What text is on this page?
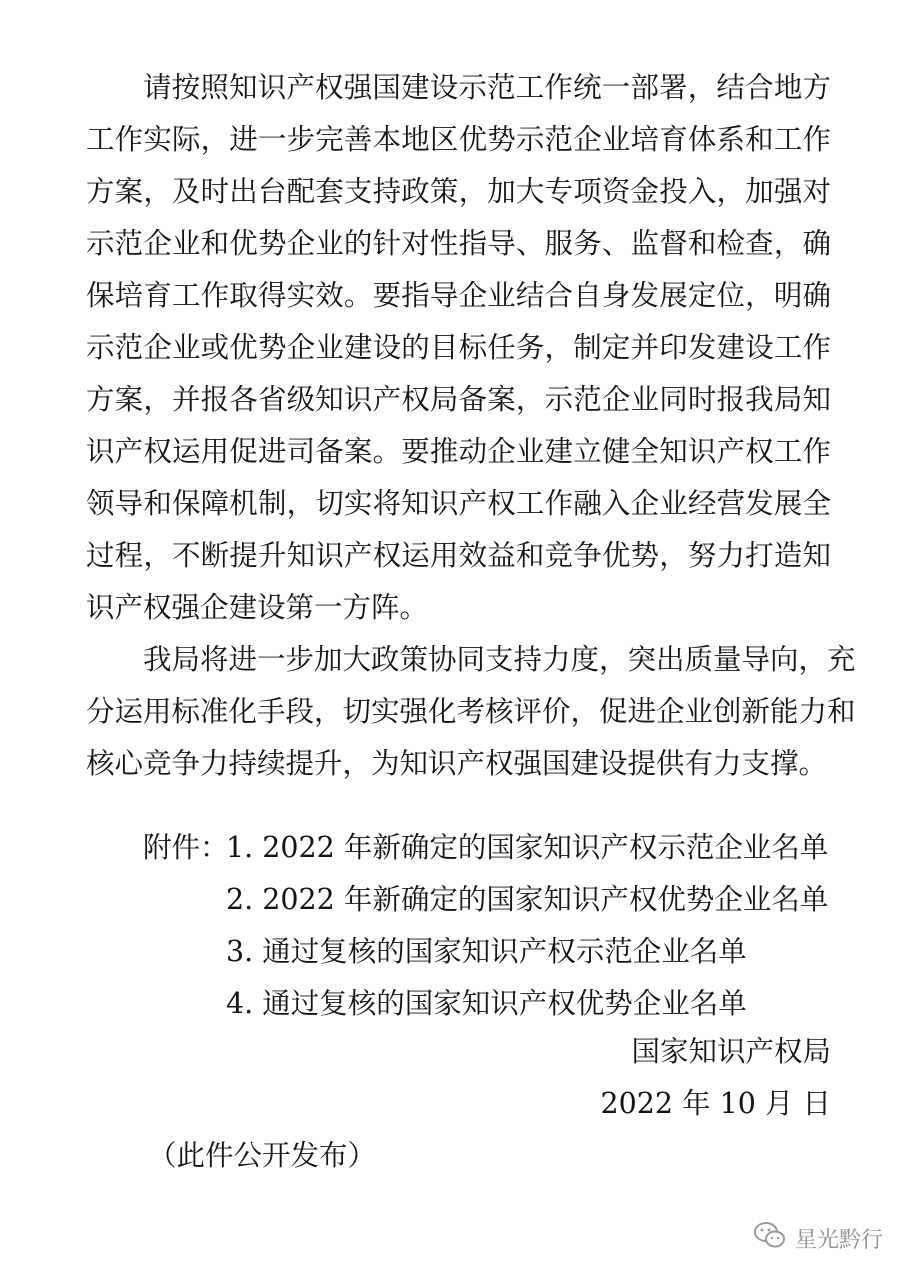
请按照知识产权强国建设示范工作统一部署，结合地方

工作实际，进一步完善本地区优势示范企业培育体系和工作

方案，及时出台配套支持政策，加大专项资金投入，加强对

示范企业和优势企业的针对性指导、服务、监督和检查，确

保培育工作取得实效。要指导企业结合自身发展定位，明确

示范企业或优势企业建设的目标任务，制定并印发建设工作

方案，并报各省级知识产权局备案，示范企业同时报我局知

识产权运用促进司备案。要推动企业建立健全知识产权工作

领导和保障机制，切实将知识产权工作融入企业经营发展全

过程，不断提升知识产权运用效益和竞争优势，努力打造知

识产权强企建设第一方阵。

我局将进一步加大政策协同支持力度，突出质量导向，充

分运用标准化手段，切实强化考核评价，促进企业创新能力和

核心竞争力持续提升，为知识产权强国建设提供有力支撑。

附件：
1. 2022 年新确定的国家知识产权示范企业名单
2. 2022 年新确定的国家知识产权优势企业名单
3. 通过复核的国家知识产权示范企业名单
4. 通过复核的国家知识产权优势企业名单
国家知识产权局
2022 年 10 月 日
（此件公开发布）
星光黔行
